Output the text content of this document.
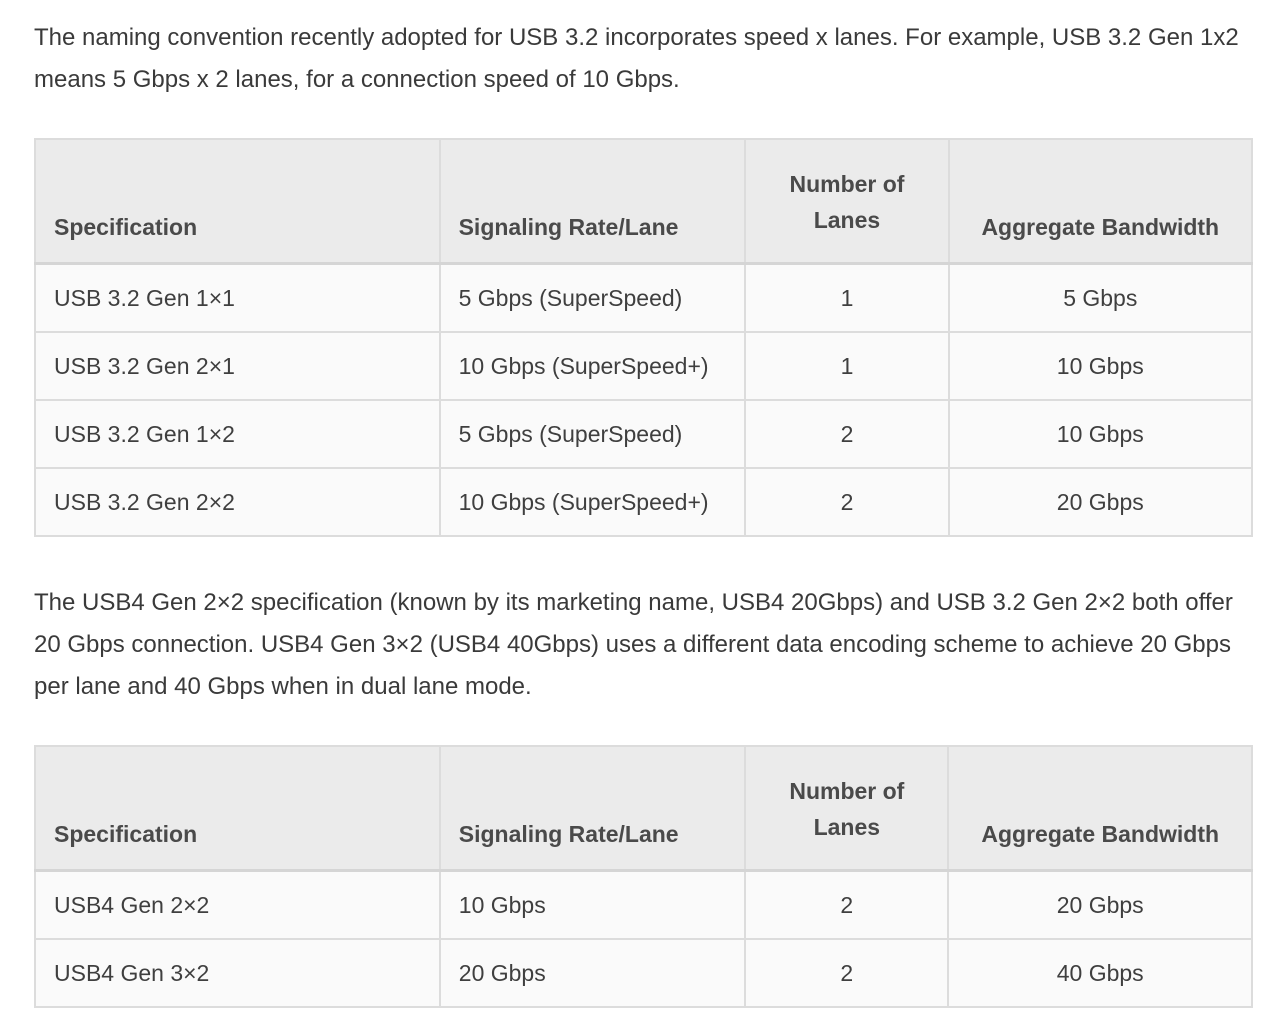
The naming convention recently adopted for USB 3.2 incorporates speed x lanes. For example, USB 3.2 Gen 1x2 means 5 Gbps x 2 lanes, for a connection speed of 10 Gbps.

Specification	Signaling Rate/Lane	Number of Lanes	Aggregate Bandwidth
USB 3.2 Gen 1×1	5 Gbps (SuperSpeed)	1	5 Gbps
USB 3.2 Gen 2×1	10 Gbps (SuperSpeed+)	1	10 Gbps
USB 3.2 Gen 1×2	5 Gbps (SuperSpeed)	2	10 Gbps
USB 3.2 Gen 2×2	10 Gbps (SuperSpeed+)	2	20 Gbps

The USB4 Gen 2×2 specification (known by its marketing name, USB4 20Gbps) and USB 3.2 Gen 2×2 both offer 20 Gbps connection. USB4 Gen 3×2 (USB4 40Gbps) uses a different data encoding scheme to achieve 20 Gbps per lane and 40 Gbps when in dual lane mode.

Specification	Signaling Rate/Lane	Number of Lanes	Aggregate Bandwidth
USB4 Gen 2×2	10 Gbps	2	20 Gbps
USB4 Gen 3×2	20 Gbps	2	40 Gbps
